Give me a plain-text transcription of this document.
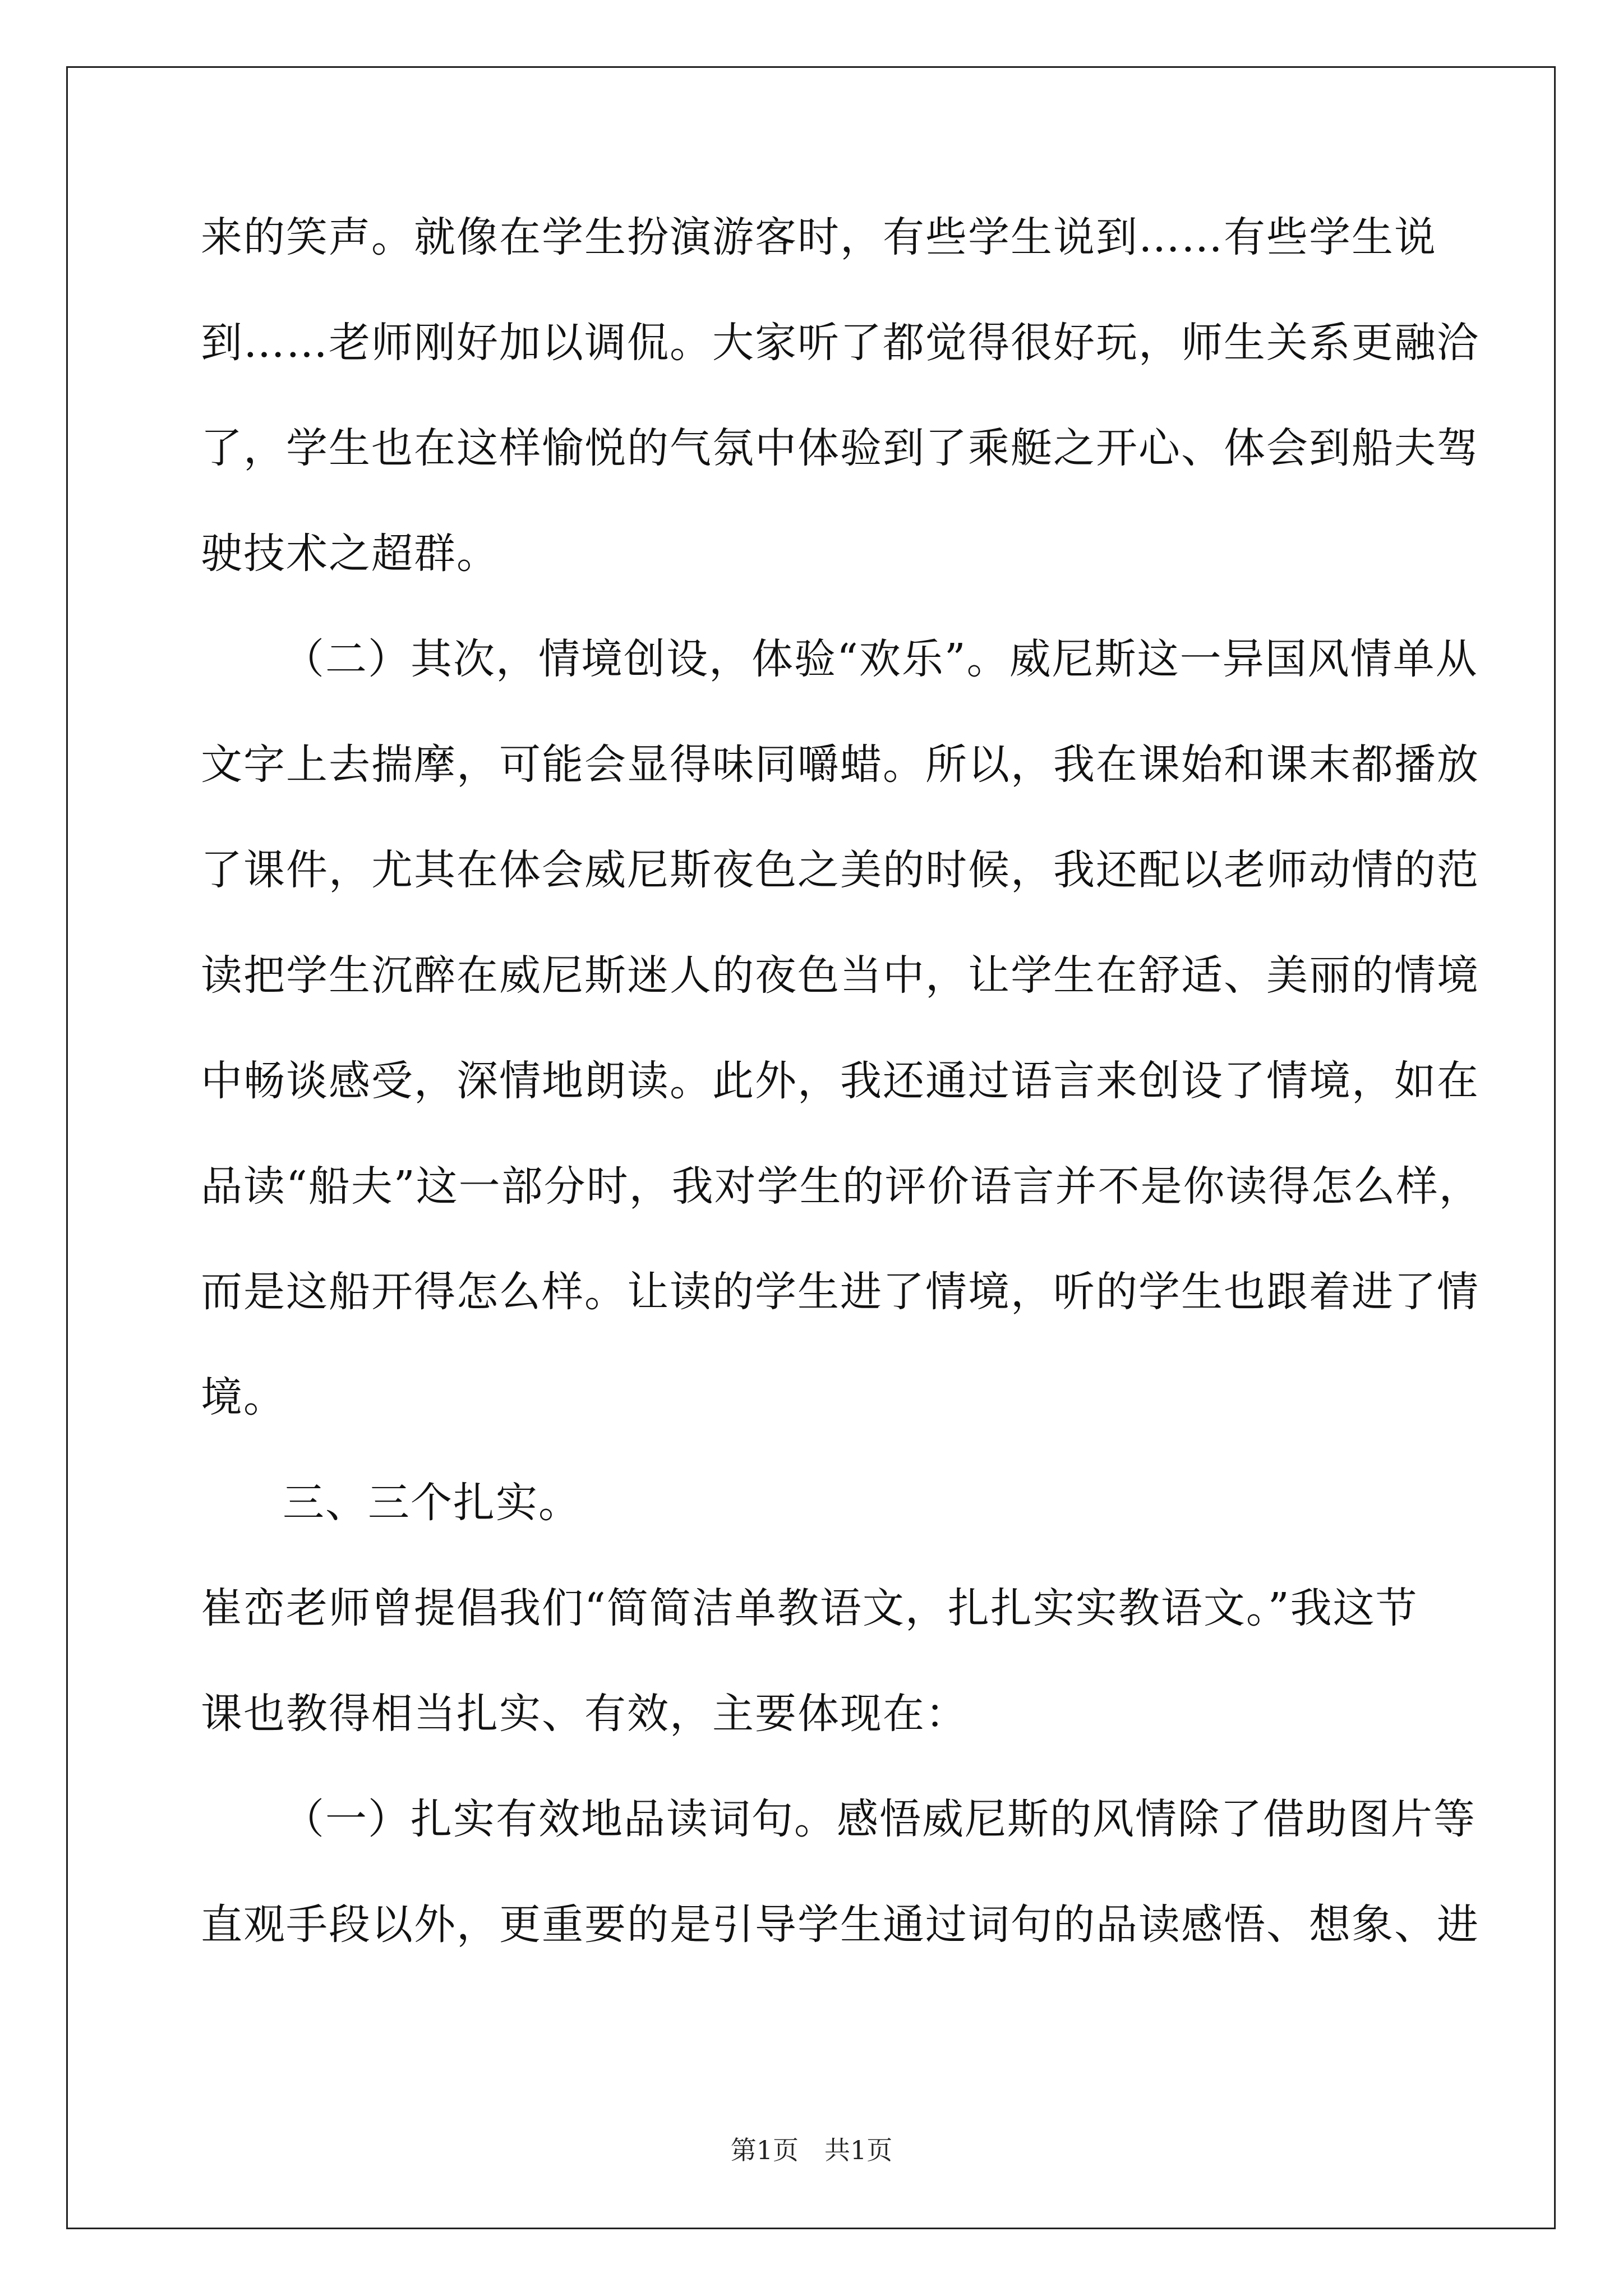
来的笑声。就像在学生扮演游客时，有些学生说到……有些学生说
到……老师刚好加以调侃。大家听了都觉得很好玩，师生关系更融洽
了，学生也在这样愉悦的气氛中体验到了乘艇之开心、体会到船夫驾
驶技术之超群。
（二）其次，情境创设，体验“欢乐”。威尼斯这一异国风情单从
文字上去揣摩，可能会显得味同嚼蜡。所以，我在课始和课末都播放
了课件，尤其在体会威尼斯夜色之美的时候，我还配以老师动情的范
读把学生沉醉在威尼斯迷人的夜色当中，让学生在舒适、美丽的情境
中畅谈感受，深情地朗读。此外，我还通过语言来创设了情境，如在
品读“船夫”这一部分时，我对学生的评价语言并不是你读得怎么样，
而是这船开得怎么样。让读的学生进了情境，听的学生也跟着进了情
境。
三、三个扎实。
崔峦老师曾提倡我们“简简洁单教语文，扎扎实实教语文。”我这节
课也教得相当扎实、有效，主要体现在：
（一）扎实有效地品读词句。感悟威尼斯的风情除了借助图片等
直观手段以外，更重要的是引导学生通过词句的品读感悟、想象、进
第1页　共1页
